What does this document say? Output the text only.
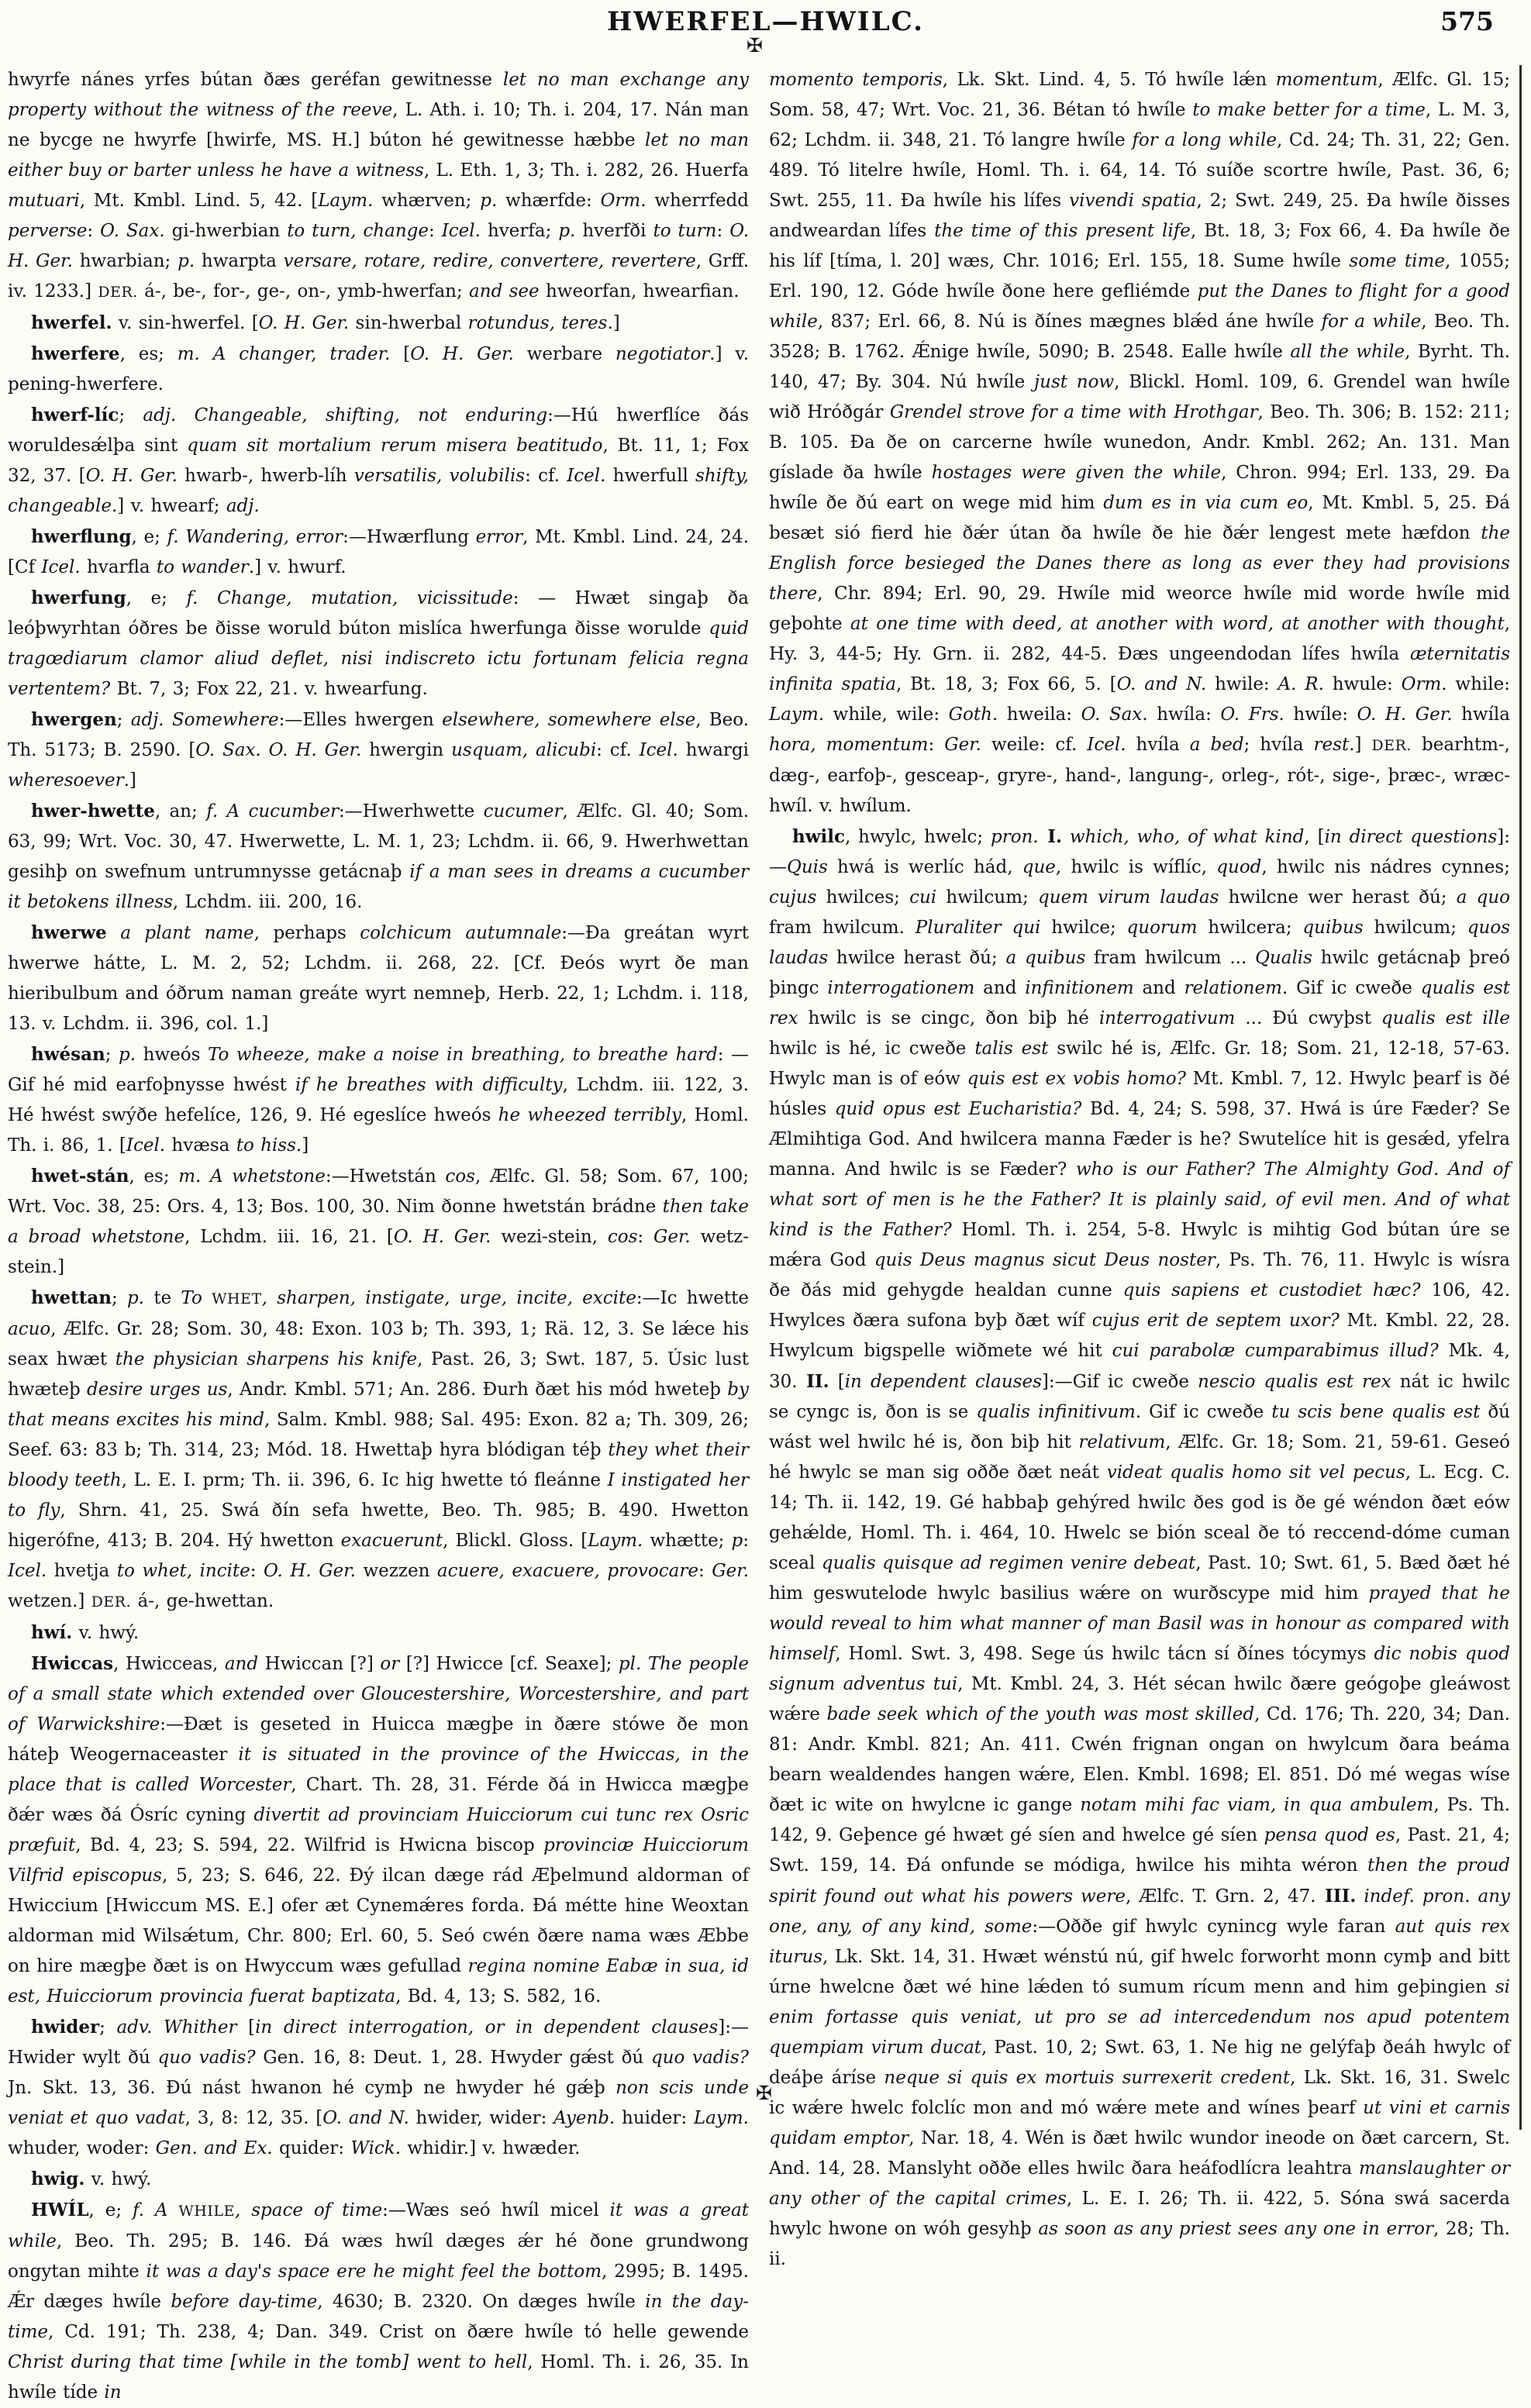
HWERFEL—HWILC.	575
✠
✠

hwyrfe nánes yrfes bútan ðæs geréfan gewitnesse let no man exchange any property without the witness of the reeve, L. Ath. i. 10; Th. i. 204, 17. Nán man ne bycge ne hwyrfe [hwirfe, MS. H.] búton hé gewitnesse hæbbe let no man either buy or barter unless he have a witness, L. Eth. 1, 3; Th. i. 282, 26. Huerfa mutuari, Mt. Kmbl. Lind. 5, 42. [Laym. whærven; p. whærfde: Orm. wherrfedd perverse: O. Sax. gi-hwerbian to turn, change: Icel. hverfa; p. hverfði to turn: O. H. Ger. hwarbian; p. hwarpta versare, rotare, redire, convertere, revertere, Grff. iv. 1233.] DER. á-, be-, for-, ge-, on-, ymb-hwerfan; and see hweorfan, hwearfian.

hwerfel. v. sin-hwerfel. [O. H. Ger. sin-hwerbal rotundus, teres.]

hwerfere, es; m. A changer, trader. [O. H. Ger. werbare negotiator.] v. pening-hwerfere.

hwerf-líc; adj. Changeable, shifting, not enduring:—Hú hwerflíce ðás woruldesǽlþa sint quam sit mortalium rerum misera beatitudo, Bt. 11, 1; Fox 32, 37. [O. H. Ger. hwarb-, hwerb-líh versatilis, volubilis: cf. Icel. hwerfull shifty, changeable.] v. hwearf; adj.

hwerflung, e; f. Wandering, error:—Hwærflung error, Mt. Kmbl. Lind. 24, 24. [Cf Icel. hvarfla to wander.] v. hwurf.

hwerfung, e; f. Change, mutation, vicissitude: — Hwæt singaþ ða leóþwyrhtan óðres be ðisse woruld búton mislíca hwerfunga ðisse worulde quid tragœdiarum clamor aliud deflet, nisi indiscreto ictu fortunam felicia regna vertentem? Bt. 7, 3; Fox 22, 21. v. hwearfung.

hwergen; adj. Somewhere:—Elles hwergen elsewhere, somewhere else, Beo. Th. 5173; B. 2590. [O. Sax. O. H. Ger. hwergin usquam, alicubi: cf. Icel. hwargi wheresoever.]

hwer-hwette, an; f. A cucumber:—Hwerhwette cucumer, Ælfc. Gl. 40; Som. 63, 99; Wrt. Voc. 30, 47. Hwerwette, L. M. 1, 23; Lchdm. ii. 66, 9. Hwerhwettan gesihþ on swefnum untrumnysse getácnaþ if a man sees in dreams a cucumber it betokens illness, Lchdm. iii. 200, 16.

hwerwe a plant name, perhaps colchicum autumnale:—Ða greátan wyrt hwerwe hátte, L. M. 2, 52; Lchdm. ii. 268, 22. [Cf. Ðeós wyrt ðe man hieribulbum and óðrum naman greáte wyrt nemneþ, Herb. 22, 1; Lchdm. i. 118, 13. v. Lchdm. ii. 396, col. 1.]

hwésan; p. hweós To wheeze, make a noise in breathing, to breathe hard: — Gif hé mid earfoþnysse hwést if he breathes with difficulty, Lchdm. iii. 122, 3. Hé hwést swýðe hefelíce, 126, 9. Hé egeslíce hweós he wheezed terribly, Homl. Th. i. 86, 1. [Icel. hvæsa to hiss.]

hwet-stán, es; m. A whetstone:—Hwetstán cos, Ælfc. Gl. 58; Som. 67, 100; Wrt. Voc. 38, 25: Ors. 4, 13; Bos. 100, 30. Nim ðonne hwetstán brádne then take a broad whetstone, Lchdm. iii. 16, 21. [O. H. Ger. wezi-stein, cos: Ger. wetz-stein.]

hwettan; p. te To WHET, sharpen, instigate, urge, incite, excite:—Ic hwette acuo, Ælfc. Gr. 28; Som. 30, 48: Exon. 103 b; Th. 393, 1; Rä. 12, 3. Se lǽce his seax hwæt the physician sharpens his knife, Past. 26, 3; Swt. 187, 5. Úsic lust hwæteþ desire urges us, Andr. Kmbl. 571; An. 286. Ðurh ðæt his mód hweteþ by that means excites his mind, Salm. Kmbl. 988; Sal. 495: Exon. 82 a; Th. 309, 26; Seef. 63: 83 b; Th. 314, 23; Mód. 18. Hwettaþ hyra blódigan téþ they whet their bloody teeth, L. E. I. prm; Th. ii. 396, 6. Ic hig hwette tó fleánne I instigated her to fly, Shrn. 41, 25. Swá ðín sefa hwette, Beo. Th. 985; B. 490. Hwetton higerófne, 413; B. 204. Hý hwetton exacuerunt, Blickl. Gloss. [Laym. whætte; p: Icel. hvetja to whet, incite: O. H. Ger. wezzen acuere, exacuere, provocare: Ger. wetzen.] DER. á-, ge-hwettan.

hwí. v. hwý.

Hwiccas, Hwicceas, and Hwiccan [?] or [?] Hwicce [cf. Seaxe]; pl. The people of a small state which extended over Gloucestershire, Worcestershire, and part of Warwickshire:—Ðæt is geseted in Huicca mægþe in ðære stówe ðe mon háteþ Weogernaceaster it is situated in the province of the Hwiccas, in the place that is called Worcester, Chart. Th. 28, 31. Férde ðá in Hwicca mægþe ðǽr wæs ðá Ósríc cyning divertit ad provinciam Huicciorum cui tunc rex Osric præfuit, Bd. 4, 23; S. 594, 22. Wilfrid is Hwicna biscop provinciæ Huicciorum Vilfrid episcopus, 5, 23; S. 646, 22. Ðý ilcan dæge rád Æþelmund aldorman of Hwiccium [Hwiccum MS. E.] ofer æt Cynemǽres forda. Ðá métte hine Weoxtan aldorman mid Wilsǽtum, Chr. 800; Erl. 60, 5. Seó cwén ðære nama wæs Æbbe on hire mægþe ðæt is on Hwyccum wæs gefullad regina nomine Eabæ in sua, id est, Huicciorum provincia fuerat baptizata, Bd. 4, 13; S. 582, 16.

hwider; adv. Whither [in direct interrogation, or in dependent clauses]:—Hwider wylt ðú quo vadis? Gen. 16, 8: Deut. 1, 28. Hwyder gǽst ðú quo vadis? Jn. Skt. 13, 36. Ðú nást hwanon hé cymþ ne hwyder hé gǽþ non scis unde veniat et quo vadat, 3, 8: 12, 35. [O. and N. hwider, wider: Ayenb. huider: Laym. whuder, woder: Gen. and Ex. quider: Wick. whidir.] v. hwæder.

hwig. v. hwý.

HWÍL, e; f. A WHILE, space of time:—Wæs seó hwíl micel it was a great while, Beo. Th. 295; B. 146. Ðá wæs hwíl dæges ǽr hé ðone grundwong ongytan mihte it was a day's space ere he might feel the bottom, 2995; B. 1495. Ǽr dæges hwíle before day-time, 4630; B. 2320. On dæges hwíle in the day-time, Cd. 191; Th. 238, 4; Dan. 349. Crist on ðære hwíle tó helle gewende Christ during that time [while in the tomb] went to hell, Homl. Th. i. 26, 35. In hwíle tíde in

momento temporis, Lk. Skt. Lind. 4, 5. Tó hwíle lǽn momentum, Ælfc. Gl. 15; Som. 58, 47; Wrt. Voc. 21, 36. Bétan tó hwíle to make better for a time, L. M. 3, 62; Lchdm. ii. 348, 21. Tó langre hwíle for a long while, Cd. 24; Th. 31, 22; Gen. 489. Tó litelre hwíle, Homl. Th. i. 64, 14. Tó suíðe scortre hwíle, Past. 36, 6; Swt. 255, 11. Ða hwíle his lífes vivendi spatia, 2; Swt. 249, 25. Ða hwíle ðisses andweardan lífes the time of this present life, Bt. 18, 3; Fox 66, 4. Ða hwíle ðe his líf [tíma, l. 20] wæs, Chr. 1016; Erl. 155, 18. Sume hwíle some time, 1055; Erl. 190, 12. Góde hwíle ðone here gefliémde put the Danes to flight for a good while, 837; Erl. 66, 8. Nú is ðínes mægnes blǽd áne hwíle for a while, Beo. Th. 3528; B. 1762. Ǽnige hwíle, 5090; B. 2548. Ealle hwíle all the while, Byrht. Th. 140, 47; By. 304. Nú hwíle just now, Blickl. Homl. 109, 6. Grendel wan hwíle wið Hróðgár Grendel strove for a time with Hrothgar, Beo. Th. 306; B. 152: 211; B. 105. Ða ðe on carcerne hwíle wunedon, Andr. Kmbl. 262; An. 131. Man gíslade ða hwíle hostages were given the while, Chron. 994; Erl. 133, 29. Ða hwíle ðe ðú eart on wege mid him dum es in via cum eo, Mt. Kmbl. 5, 25. Ðá besæt sió fierd hie ðǽr útan ða hwíle ðe hie ðǽr lengest mete hæfdon the English force besieged the Danes there as long as ever they had provisions there, Chr. 894; Erl. 90, 29. Hwíle mid weorce hwíle mid worde hwíle mid geþohte at one time with deed, at another with word, at another with thought, Hy. 3, 44-5; Hy. Grn. ii. 282, 44-5. Ðæs ungeendodan lífes hwíla æternitatis infinita spatia, Bt. 18, 3; Fox 66, 5. [O. and N. hwile: A. R. hwule: Orm. while: Laym. while, wile: Goth. hweila: O. Sax. hwíla: O. Frs. hwíle: O. H. Ger. hwíla hora, momentum: Ger. weile: cf. Icel. hvíla a bed; hvíla rest.] DER. bearhtm-, dæg-, earfoþ-, gesceap-, gryre-, hand-, langung-, orleg-, rót-, sige-, þræc-, wræc-hwíl. v. hwílum.

hwilc, hwylc, hwelc; pron.  I. which, who, of what kind, [in direct questions]:—Quis hwá is werlíc hád, que, hwilc is wíflíc, quod, hwilc nis nádres cynnes; cujus hwilces; cui hwilcum; quem virum laudas hwilcne wer herast ðú; a quo fram hwilcum. Pluraliter qui hwilce; quorum hwilcera; quibus hwilcum; quos laudas hwilce herast ðú; a quibus fram hwilcum ... Qualis hwilc getácnaþ þreó þingc interrogationem and infinitionem and relationem. Gif ic cweðe qualis est rex hwilc is se cingc, ðon biþ hé interrogativum ... Ðú cwyþst qualis est ille hwilc is hé, ic cweðe talis est swilc hé is, Ælfc. Gr. 18; Som. 21, 12-18, 57-63. Hwylc man is of eów quis est ex vobis homo? Mt. Kmbl. 7, 12. Hwylc þearf is ðé húsles quid opus est Eucharistia? Bd. 4, 24; S. 598, 37. Hwá is úre Fæder? Se Ælmihtiga God. And hwilcera manna Fæder is he? Swutelíce hit is gesǽd, yfelra manna. And hwilc is se Fæder? who is our Father? The Almighty God. And of what sort of men is he the Father? It is plainly said, of evil men. And of what kind is the Father? Homl. Th. i. 254, 5-8. Hwylc is mihtig God bútan úre se mǽra God quis Deus magnus sicut Deus noster, Ps. Th. 76, 11. Hwylc is wísra ðe ðás mid gehygde healdan cunne quis sapiens et custodiet hæc? 106, 42. Hwylces ðæra sufona byþ ðæt wíf cujus erit de septem uxor? Mt. Kmbl. 22, 28. Hwylcum bigspelle wiðmete wé hit cui parabolæ cumparabimus illud? Mk. 4, 30. II. [in dependent clauses]:—Gif ic cweðe nescio qualis est rex nát ic hwilc se cyngc is, ðon is se qualis infinitivum. Gif ic cweðe tu scis bene qualis est ðú wást wel hwilc hé is, ðon biþ hit relativum, Ælfc. Gr. 18; Som. 21, 59-61. Geseó hé hwylc se man sig oððe ðæt neát videat qualis homo sit vel pecus, L. Ecg. C. 14; Th. ii. 142, 19. Gé habbaþ gehýred hwilc ðes god is ðe gé wéndon ðæt eów gehǽlde, Homl. Th. i. 464, 10. Hwelc se bión sceal ðe tó reccend-dóme cuman sceal qualis quisque ad regimen venire debeat, Past. 10; Swt. 61, 5. Bæd ðæt hé him geswutelode hwylc basilius wǽre on wurðscype mid him prayed that he would reveal to him what manner of man Basil was in honour as compared with himself, Homl. Swt. 3, 498. Sege ús hwilc tácn sí ðínes tócymys dic nobis quod signum adventus tui, Mt. Kmbl. 24, 3. Hét sécan hwilc ðære geógoþe gleáwost wǽre bade seek which of the youth was most skilled, Cd. 176; Th. 220, 34; Dan. 81: Andr. Kmbl. 821; An. 411. Cwén frignan ongan on hwylcum ðara beáma bearn wealdendes hangen wǽre, Elen. Kmbl. 1698; El. 851. Dó mé wegas wíse ðæt ic wite on hwylcne ic gange notam mihi fac viam, in qua ambulem, Ps. Th. 142, 9. Geþence gé hwæt gé síen and hwelce gé síen pensa quod es, Past. 21, 4; Swt. 159, 14. Ðá onfunde se módiga, hwilce his mihta wéron then the proud spirit found out what his powers were, Ælfc. T. Grn. 2, 47. III. indef. pron. any one, any, of any kind, some:—Oððe gif hwylc cynincg wyle faran aut quis rex iturus, Lk. Skt. 14, 31. Hwæt wénstú nú, gif hwelc forworht monn cymþ and bitt úrne hwelcne ðæt wé hine lǽden tó sumum rícum menn and him geþingien si enim fortasse quis veniat, ut pro se ad intercedendum nos apud potentem quempiam virum ducat, Past. 10, 2; Swt. 63, 1. Ne hig ne gelýfaþ ðeáh hwylc of deáþe áríse neque si quis ex mortuis surrexerit credent, Lk. Skt. 16, 31. Swelc ic wǽre hwelc folclíc mon and mó wǽre mete and wínes þearf ut vini et carnis quidam emptor, Nar. 18, 4. Wén is ðæt hwilc wundor ineode on ðæt carcern, St. And. 14, 28. Manslyht oððe elles hwilc ðara heáfodlícra leahtra manslaughter or any other of the capital crimes, L. E. I. 26; Th. ii. 422, 5. Sóna swá sacerda hwylc hwone on wóh gesyhþ as soon as any priest sees any one in error, 28; Th. ii.
